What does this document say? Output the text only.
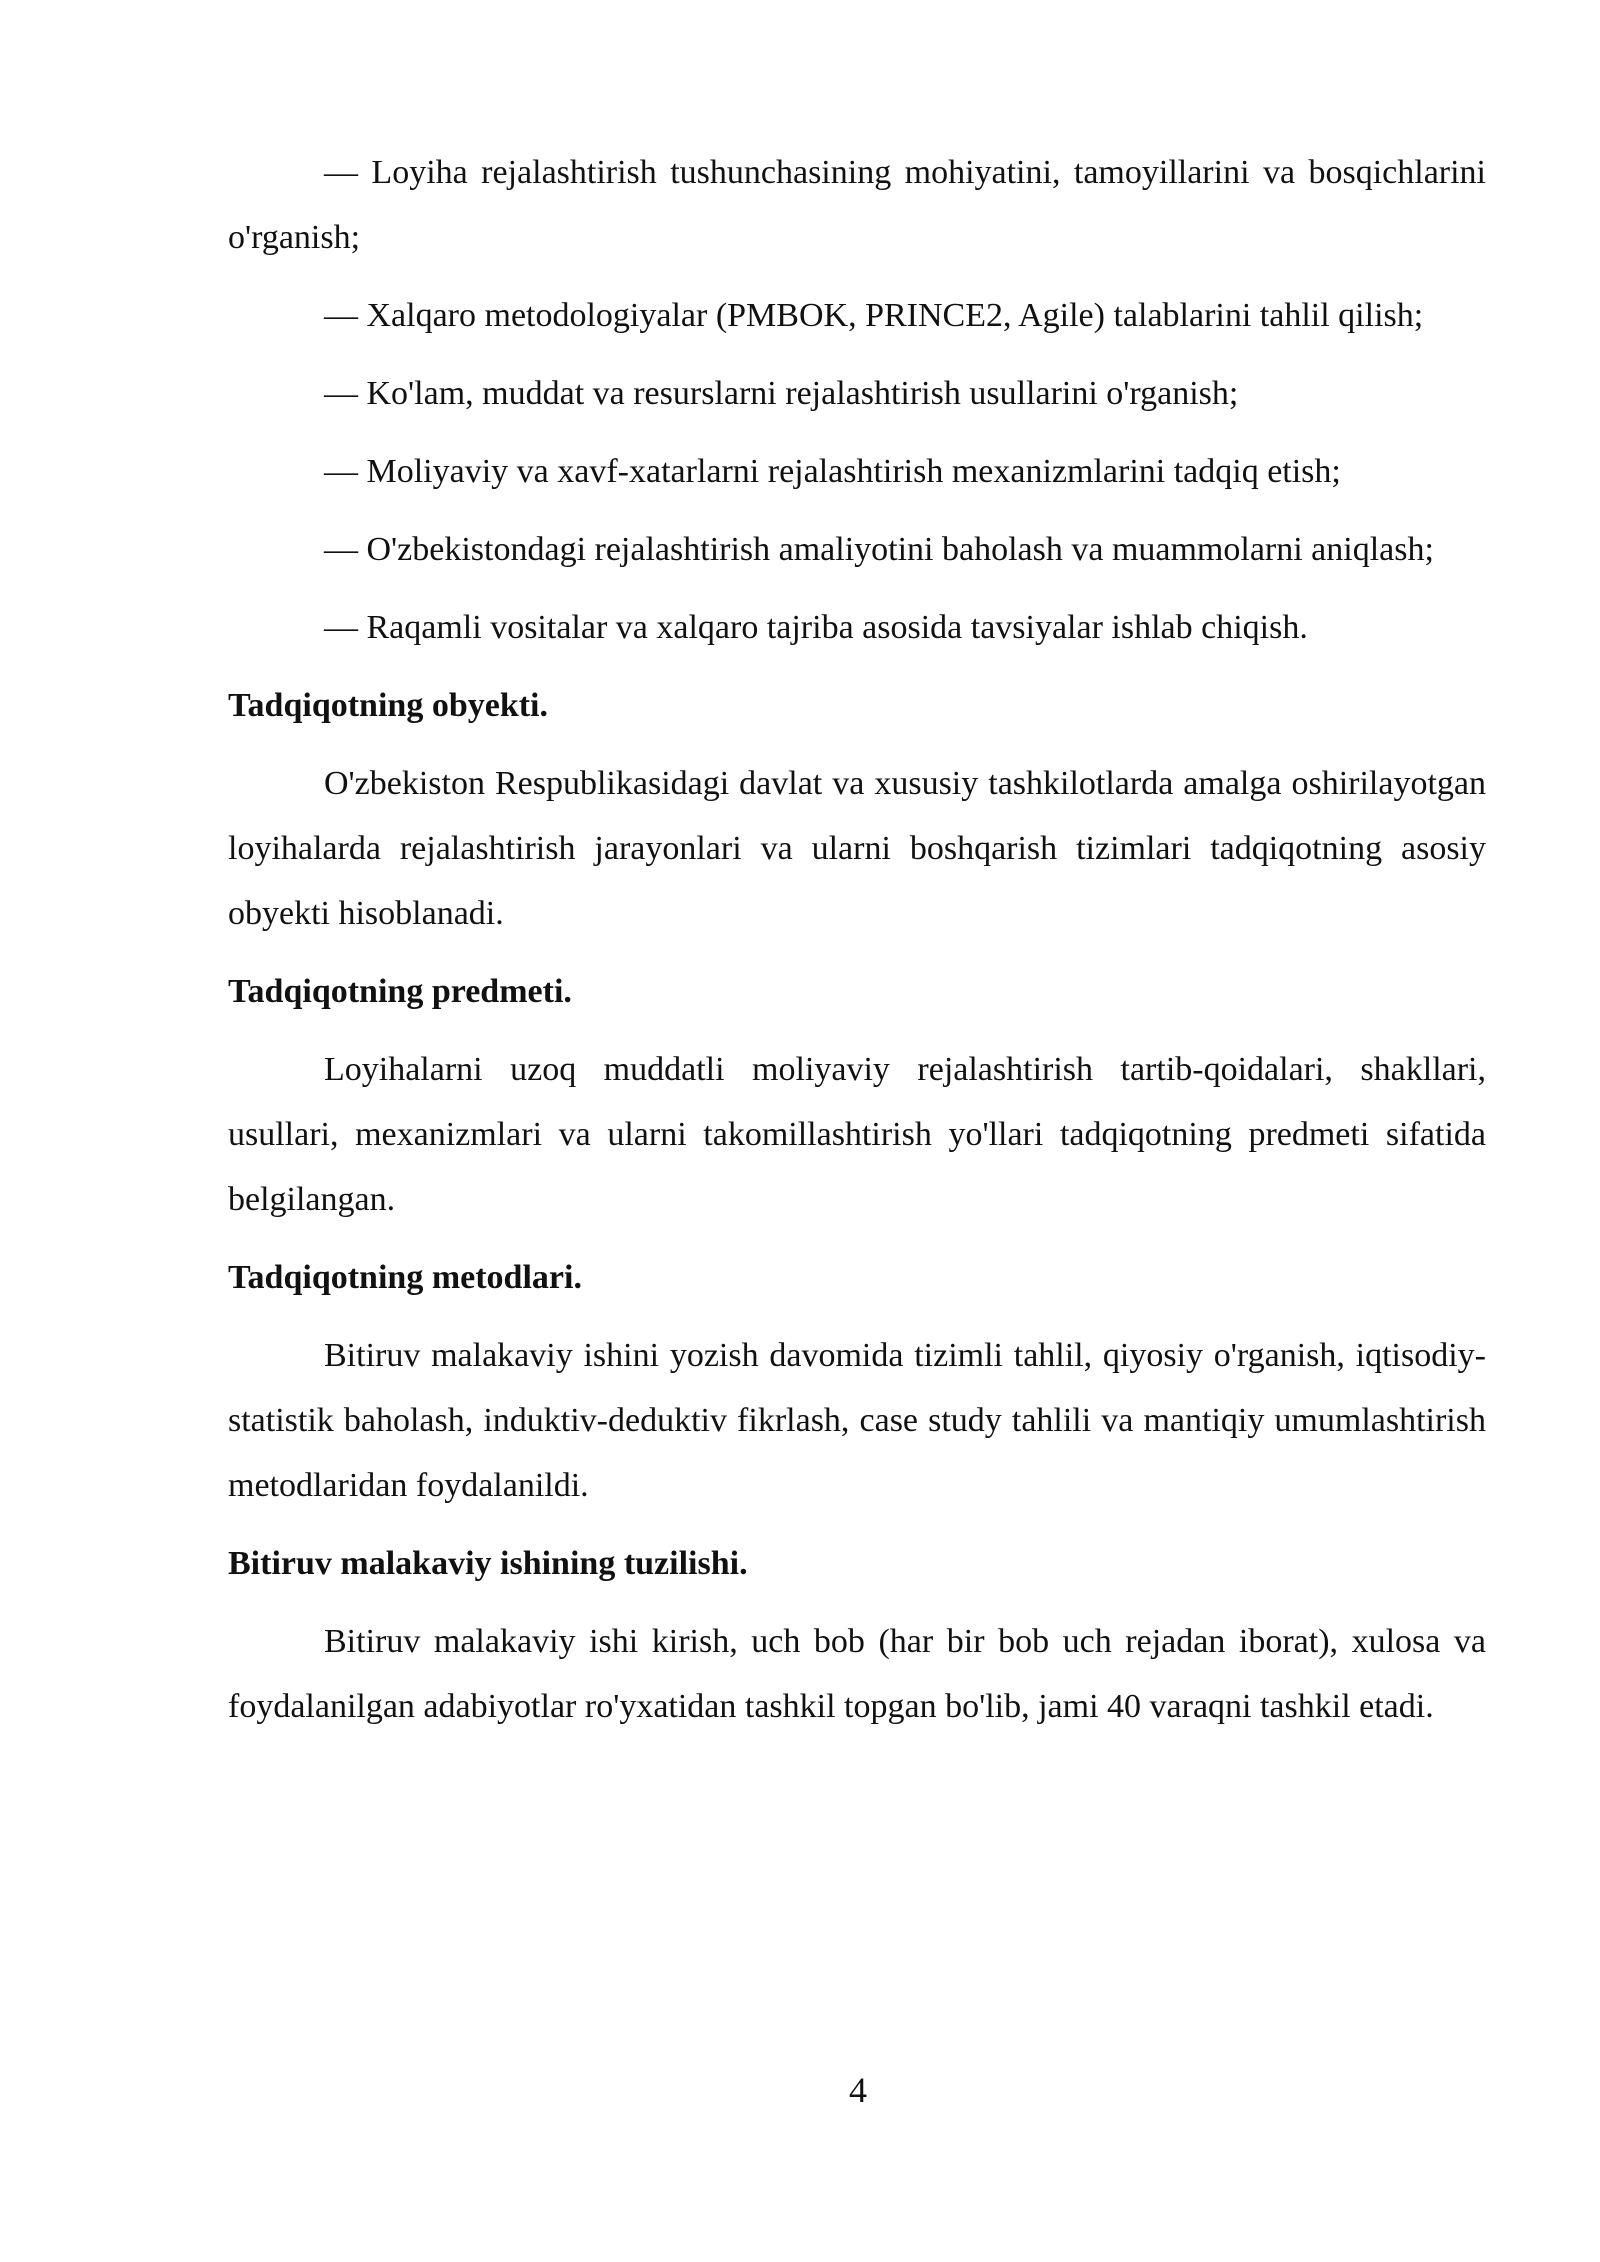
— Loyiha rejalashtirish tushunchasining mohiyatini, tamoyillarini va bosqichlarini o'rganish;

— Xalqaro metodologiyalar (PMBOK, PRINCE2, Agile) talablarini tahlil qilish;

— Ko'lam, muddat va resurslarni rejalashtirish usullarini o'rganish;

— Moliyaviy va xavf-xatarlarni rejalashtirish mexanizmlarini tadqiq etish;

— O'zbekistondagi rejalashtirish amaliyotini baholash va muammolarni aniqlash;

— Raqamli vositalar va xalqaro tajriba asosida tavsiyalar ishlab chiqish.

Tadqiqotning obyekti.

O'zbekiston Respublikasidagi davlat va xususiy tashkilotlarda amalga oshirilayotgan loyihalarda rejalashtirish jarayonlari va ularni boshqarish tizimlari tadqiqotning asosiy obyekti hisoblanadi.

Tadqiqotning predmeti.

Loyihalarni uzoq muddatli moliyaviy rejalashtirish tartib-qoidalari, shakllari, usullari, mexanizmlari va ularni takomillashtirish yo'llari tadqiqotning predmeti sifatida belgilangan.

Tadqiqotning metodlari.

Bitiruv malakaviy ishini yozish davomida tizimli tahlil, qiyosiy o'rganish, iqtisodiy-statistik baholash, induktiv-deduktiv fikrlash, case study tahlili va mantiqiy umumlashtirish metodlaridan foydalanildi.

Bitiruv malakaviy ishining tuzilishi.

Bitiruv malakaviy ishi kirish, uch bob (har bir bob uch rejadan iborat), xulosa va foydalanilgan adabiyotlar ro'yxatidan tashkil topgan bo'lib, jami 40 varaqni tashkil etadi.

4
